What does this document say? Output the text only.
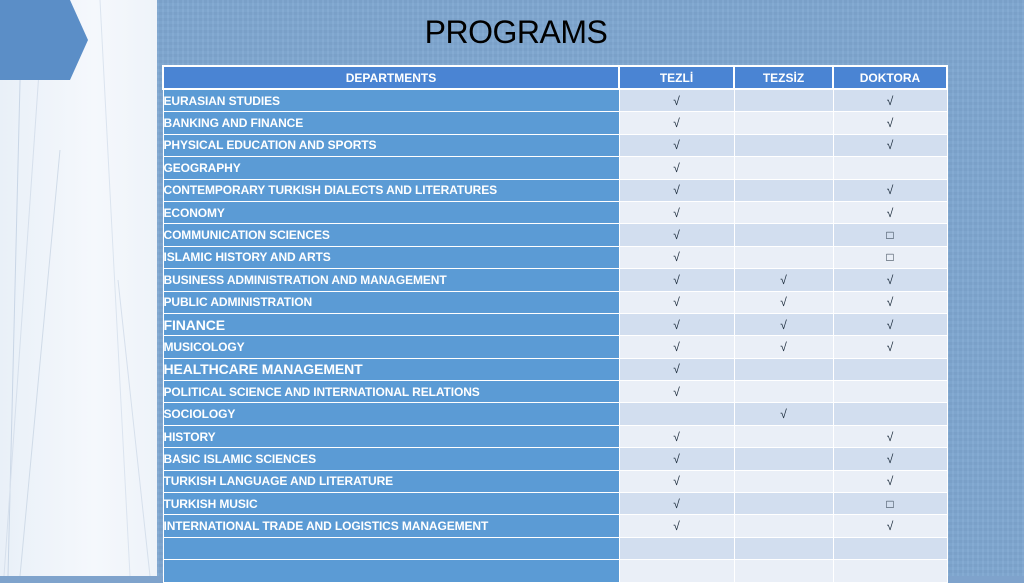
PROGRAMS
DEPARTMENTS	TEZLİ	TEZSİZ	DOKTORA
EURASIAN STUDIES	√		√
BANKING AND FINANCE	√		√
PHYSICAL EDUCATION AND SPORTS	√		√
GEOGRAPHY	√		
CONTEMPORARY TURKISH DIALECTS AND LITERATURES	√		√
ECONOMY	√		√
COMMUNICATION SCIENCES	√		□
ISLAMIC HISTORY AND ARTS	√		□
BUSINESS ADMINISTRATION AND MANAGEMENT	√	√	√
PUBLIC ADMINISTRATION	√	√	√
FINANCE	√	√	√
MUSICOLOGY	√	√	√
HEALTHCARE MANAGEMENT	√		
POLITICAL SCIENCE AND INTERNATIONAL RELATIONS	√		
SOCIOLOGY		√	
HISTORY	√		√
BASIC ISLAMIC SCIENCES	√		√
TURKISH LANGUAGE AND LITERATURE	√		√
TURKISH MUSIC	√		□
INTERNATIONAL TRADE AND LOGISTICS MANAGEMENT	√		√
